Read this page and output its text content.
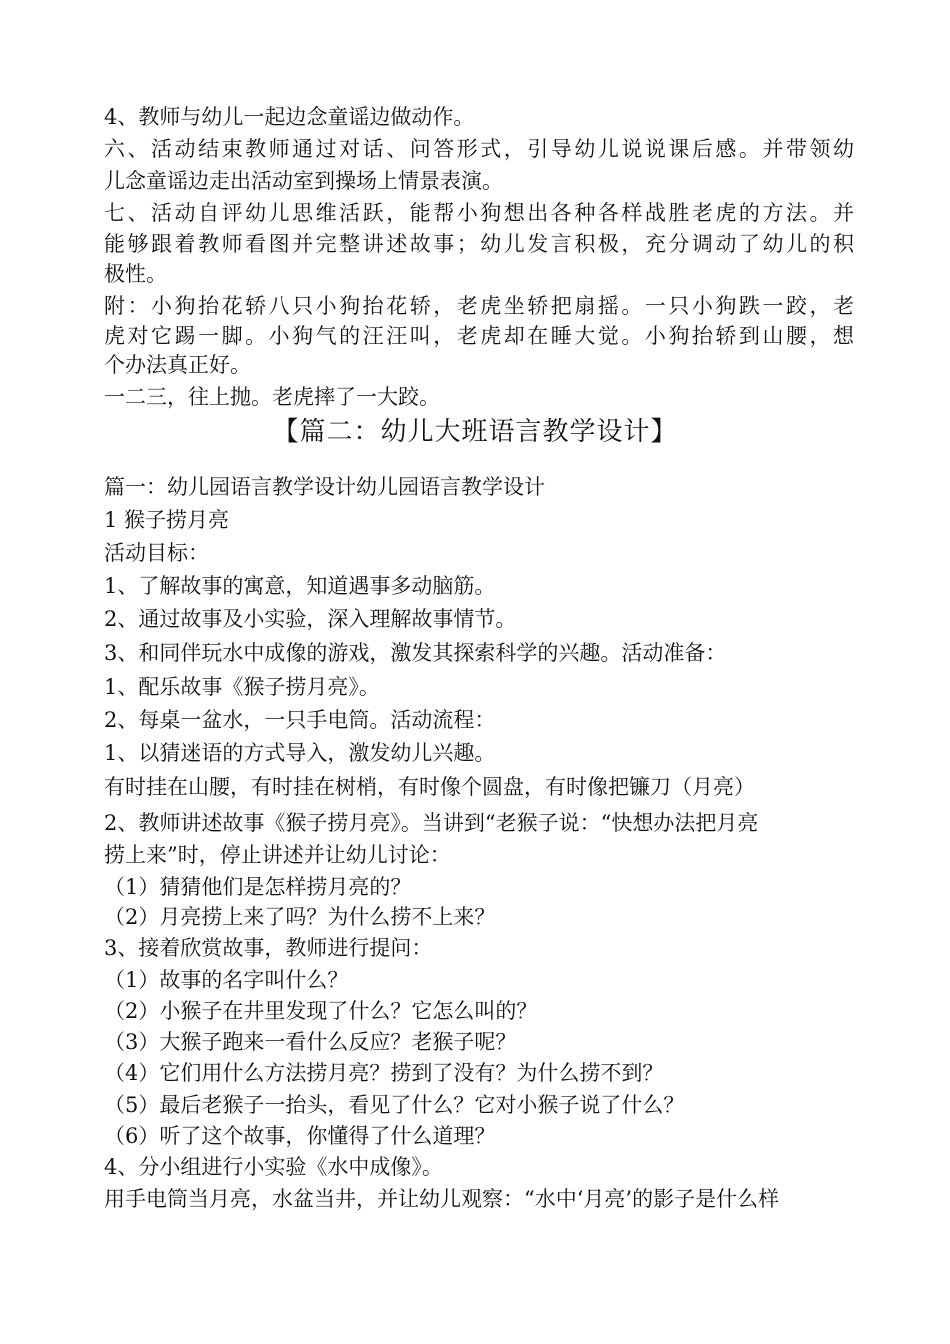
4、教师与幼儿一起边念童谣边做动作。
六、活动结束教师通过对话、问答形式，引导幼儿说说课后感。并带领幼
儿念童谣边走出活动室到操场上情景表演。
七、活动自评幼儿思维活跃，能帮小狗想出各种各样战胜老虎的方法。并
能够跟着教师看图并完整讲述故事；幼儿发言积极，充分调动了幼儿的积
极性。
附：小狗抬花轿八只小狗抬花轿，老虎坐轿把扇摇。一只小狗跌一跤，老
虎对它踢一脚。小狗气的汪汪叫，老虎却在睡大觉。小狗抬轿到山腰，想
个办法真正好。
一二三，往上抛。老虎摔了一大跤。
【篇二：幼儿大班语言教学设计】
篇一：幼儿园语言教学设计幼儿园语言教学设计
1 猴子捞月亮
活动目标：
1、了解故事的寓意，知道遇事多动脑筋。
2、通过故事及小实验，深入理解故事情节。
3、和同伴玩水中成像的游戏，激发其探索科学的兴趣。活动准备：
1、配乐故事《猴子捞月亮》。
2、每桌一盆水，一只手电筒。活动流程：
1、以猜迷语的方式导入，激发幼儿兴趣。
有时挂在山腰，有时挂在树梢，有时像个圆盘，有时像把镰刀（月亮）
2、教师讲述故事《猴子捞月亮》。当讲到“老猴子说：“快想办法把月亮
捞上来”时，停止讲述并让幼儿讨论：
（1）猜猜他们是怎样捞月亮的？
（2）月亮捞上来了吗？为什么捞不上来？
3、接着欣赏故事，教师进行提问：
（1）故事的名字叫什么？
（2）小猴子在井里发现了什么？它怎么叫的？
（3）大猴子跑来一看什么反应？老猴子呢？
（4）它们用什么方法捞月亮？捞到了没有？为什么捞不到？
（5）最后老猴子一抬头，看见了什么？它对小猴子说了什么？
（6）听了这个故事，你懂得了什么道理？
4、分小组进行小实验《水中成像》。
用手电筒当月亮，水盆当井，并让幼儿观察：“水中‘月亮’的影子是什么样
